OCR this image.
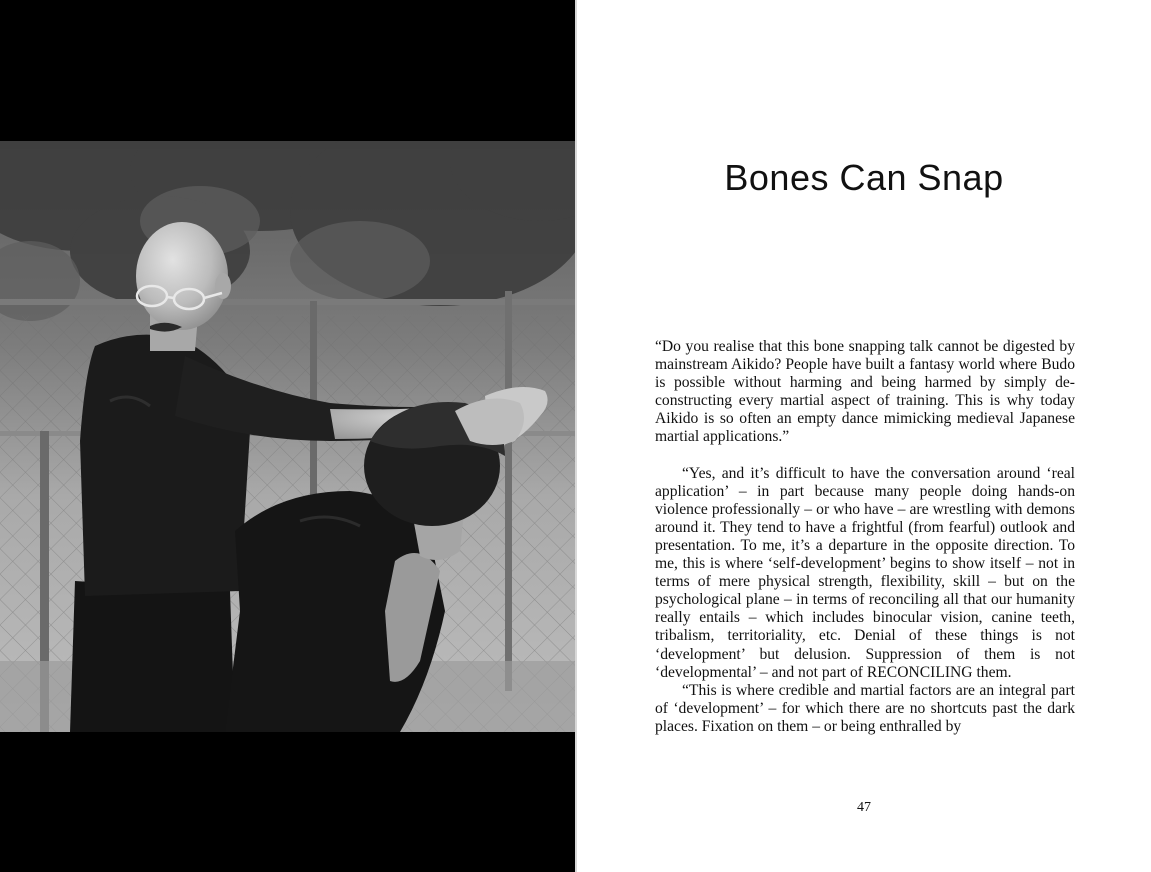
Bones Can Snap

“Do you realise that this bone snapping talk cannot be digested by mainstream Aikido? People have built a fantasy world where Budo is possible without harming and being harmed by simply de-constructing every martial aspect of training. This is why today Aikido is so often an empty dance mimicking medieval Japanese martial applications.”

“Yes, and it’s difficult to have the conversation around ‘real application’ – in part because many people doing hands-on violence professionally – or who have – are wrestling with demons around it. They tend to have a frightful (from fearful) outlook and presentation. To me, it’s a departure in the opposite direction. To me, this is where ‘self-development’ begins to show itself – not in terms of mere physical strength, flexibility, skill – but on the psychological plane – in terms of reconciling all that our humanity really entails – which includes binocular vision, canine teeth, tribalism, territoriality, etc. Denial of these things is not ‘development’ but delusion. Suppression of them is not ‘developmental’ – and not part of RECONCILING them.

“This is where credible and martial factors are an integral part of ‘development’ – for which there are no shortcuts past the dark places. Fixation on them – or being enthralled by

47
